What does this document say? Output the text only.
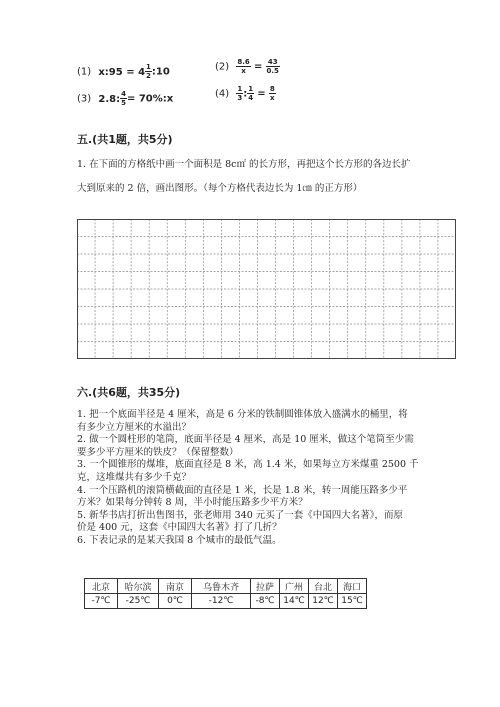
(1) x:95 = $4 \frac{1}{2}$ :10	$(2) \frac{8.6}{x} = \frac{43}{0.5}$
(3) 2.8: $\frac{4}{5}$ = 70%:x	$(4) \frac{1}{3}$ : $\frac{1}{4} = \frac{8}{x}$
五.(共1题，共5分)
1. 在下面的方格纸中画一个面积是 8c㎡ 的长方形，再把这个长方形的各边长扩
大到原来的 2 倍，画出图形。（每个方格代表边长为 1㎝ 的正方形）
六.(共6题，共35分)
1. 把一个底面半径是 4 厘米，高是 6 分米的铁制圆锥体放入盛满水的桶里，将
有多少立方厘米的水溢出？
2. 做一个圆柱形的笔筒，底面半径是 4 厘米，高是 10 厘米，做这个笔筒至少需
要多少平方厘米的铁皮？（保留整数）
3. 一个圆锥形的煤堆，底面直径是 8 米，高 1.4 米，如果每立方米煤重 2500 千
克，这堆煤共有多少千克？
4. 一个压路机的滚筒横截面的直径是 1 米，长是 1.8 米，转一周能压路多少平
方米？如果每分钟转 8 周，半小时能压路多少平方米？
5. 新华书店打折出售图书，张老师用 340 元买了一套《中国四大名著》，而原
价是 400 元，这套《中国四大名著》打了几折？
6. 下表记录的是某天我国 8 个城市的最低气温。
北京	哈尔滨	南京	乌鲁木齐	拉萨	广州	台北	海口
-7℃	-25℃	0℃	-12℃	-8℃	14℃	12℃	15℃
